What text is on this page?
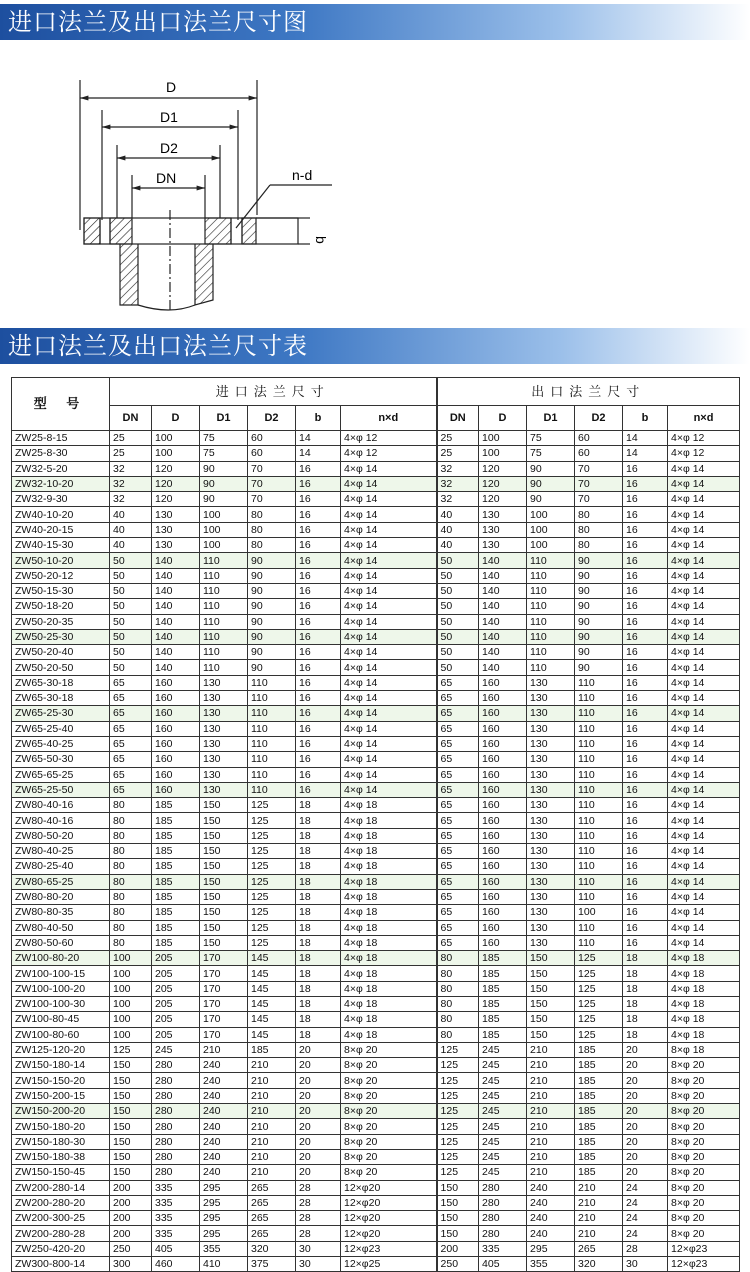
进口法兰及出口法兰尺寸图
D
D1
D2
DN	n-d
b
进口法兰及出口法兰尺寸表
型 号	进口法兰尺寸						出口法兰尺寸					
	DN	D	D1	D2	b	n×d	DN	D	D1	D2	b	n×d
ZW25-8-15	25	100	75	60	14	4×φ 12	25	100	75	60	14	4×φ 12
ZW25-8-30	25	100	75	60	14	4×φ 12	25	100	75	60	14	4×φ 12
ZW32-5-20	32	120	90	70	16	4×φ 14	32	120	90	70	16	4×φ 14
ZW32-10-20	32	120	90	70	16	4×φ 14	32	120	90	70	16	4×φ 14
ZW32-9-30	32	120	90	70	16	4×φ 14	32	120	90	70	16	4×φ 14
ZW40-10-20	40	130	100	80	16	4×φ 14	40	130	100	80	16	4×φ 14
ZW40-20-15	40	130	100	80	16	4×φ 14	40	130	100	80	16	4×φ 14
ZW40-15-30	40	130	100	80	16	4×φ 14	40	130	100	80	16	4×φ 14
ZW50-10-20	50	140	110	90	16	4×φ 14	50	140	110	90	16	4×φ 14
ZW50-20-12	50	140	110	90	16	4×φ 14	50	140	110	90	16	4×φ 14
ZW50-15-30	50	140	110	90	16	4×φ 14	50	140	110	90	16	4×φ 14
ZW50-18-20	50	140	110	90	16	4×φ 14	50	140	110	90	16	4×φ 14
ZW50-20-35	50	140	110	90	16	4×φ 14	50	140	110	90	16	4×φ 14
ZW50-25-30	50	140	110	90	16	4×φ 14	50	140	110	90	16	4×φ 14
ZW50-20-40	50	140	110	90	16	4×φ 14	50	140	110	90	16	4×φ 14
ZW50-20-50	50	140	110	90	16	4×φ 14	50	140	110	90	16	4×φ 14
ZW65-30-18	65	160	130	110	16	4×φ 14	65	160	130	110	16	4×φ 14
ZW65-30-18	65	160	130	110	16	4×φ 14	65	160	130	110	16	4×φ 14
ZW65-25-30	65	160	130	110	16	4×φ 14	65	160	130	110	16	4×φ 14
ZW65-25-40	65	160	130	110	16	4×φ 14	65	160	130	110	16	4×φ 14
ZW65-40-25	65	160	130	110	16	4×φ 14	65	160	130	110	16	4×φ 14
ZW65-50-30	65	160	130	110	16	4×φ 14	65	160	130	110	16	4×φ 14
ZW65-65-25	65	160	130	110	16	4×φ 14	65	160	130	110	16	4×φ 14
ZW65-25-50	65	160	130	110	16	4×φ 14	65	160	130	110	16	4×φ 14
ZW80-40-16	80	185	150	125	18	4×φ 18	65	160	130	110	16	4×φ 14
ZW80-40-16	80	185	150	125	18	4×φ 18	65	160	130	110	16	4×φ 14
ZW80-50-20	80	185	150	125	18	4×φ 18	65	160	130	110	16	4×φ 14
ZW80-40-25	80	185	150	125	18	4×φ 18	65	160	130	110	16	4×φ 14
ZW80-25-40	80	185	150	125	18	4×φ 18	65	160	130	110	16	4×φ 14
ZW80-65-25	80	185	150	125	18	4×φ 18	65	160	130	110	16	4×φ 14
ZW80-80-20	80	185	150	125	18	4×φ 18	65	160	130	110	16	4×φ 14
ZW80-80-35	80	185	150	125	18	4×φ 18	65	160	130	100	16	4×φ 14
ZW80-40-50	80	185	150	125	18	4×φ 18	65	160	130	110	16	4×φ 14
ZW80-50-60	80	185	150	125	18	4×φ 18	65	160	130	110	16	4×φ 14
ZW100-80-20	100	205	170	145	18	4×φ 18	80	185	150	125	18	4×φ 18
ZW100-100-15	100	205	170	145	18	4×φ 18	80	185	150	125	18	4×φ 18
ZW100-100-20	100	205	170	145	18	4×φ 18	80	185	150	125	18	4×φ 18
ZW100-100-30	100	205	170	145	18	4×φ 18	80	185	150	125	18	4×φ 18
ZW100-80-45	100	205	170	145	18	4×φ 18	80	185	150	125	18	4×φ 18
ZW100-80-60	100	205	170	145	18	4×φ 18	80	185	150	125	18	4×φ 18
ZW125-120-20	125	245	210	185	20	8×φ 20	125	245	210	185	20	8×φ 18
ZW150-180-14	150	280	240	210	20	8×φ 20	125	245	210	185	20	8×φ 20
ZW150-150-20	150	280	240	210	20	8×φ 20	125	245	210	185	20	8×φ 20
ZW150-200-15	150	280	240	210	20	8×φ 20	125	245	210	185	20	8×φ 20
ZW150-200-20	150	280	240	210	20	8×φ 20	125	245	210	185	20	8×φ 20
ZW150-180-20	150	280	240	210	20	8×φ 20	125	245	210	185	20	8×φ 20
ZW150-180-30	150	280	240	210	20	8×φ 20	125	245	210	185	20	8×φ 20
ZW150-180-38	150	280	240	210	20	8×φ 20	125	245	210	185	20	8×φ 20
ZW150-150-45	150	280	240	210	20	8×φ 20	125	245	210	185	20	8×φ 20
ZW200-280-14	200	335	295	265	28	12×φ20	150	280	240	210	24	8×φ 20
ZW200-280-20	200	335	295	265	28	12×φ20	150	280	240	210	24	8×φ 20
ZW200-300-25	200	335	295	265	28	12×φ20	150	280	240	210	24	8×φ 20
ZW200-280-28	200	335	295	265	28	12×φ20	150	280	240	210	24	8×φ 20
ZW250-420-20	250	405	355	320	30	12×φ23	200	335	295	265	28	12×φ23
ZW300-800-14	300	460	410	375	30	12×φ25	250	405	355	320	30	12×φ23
